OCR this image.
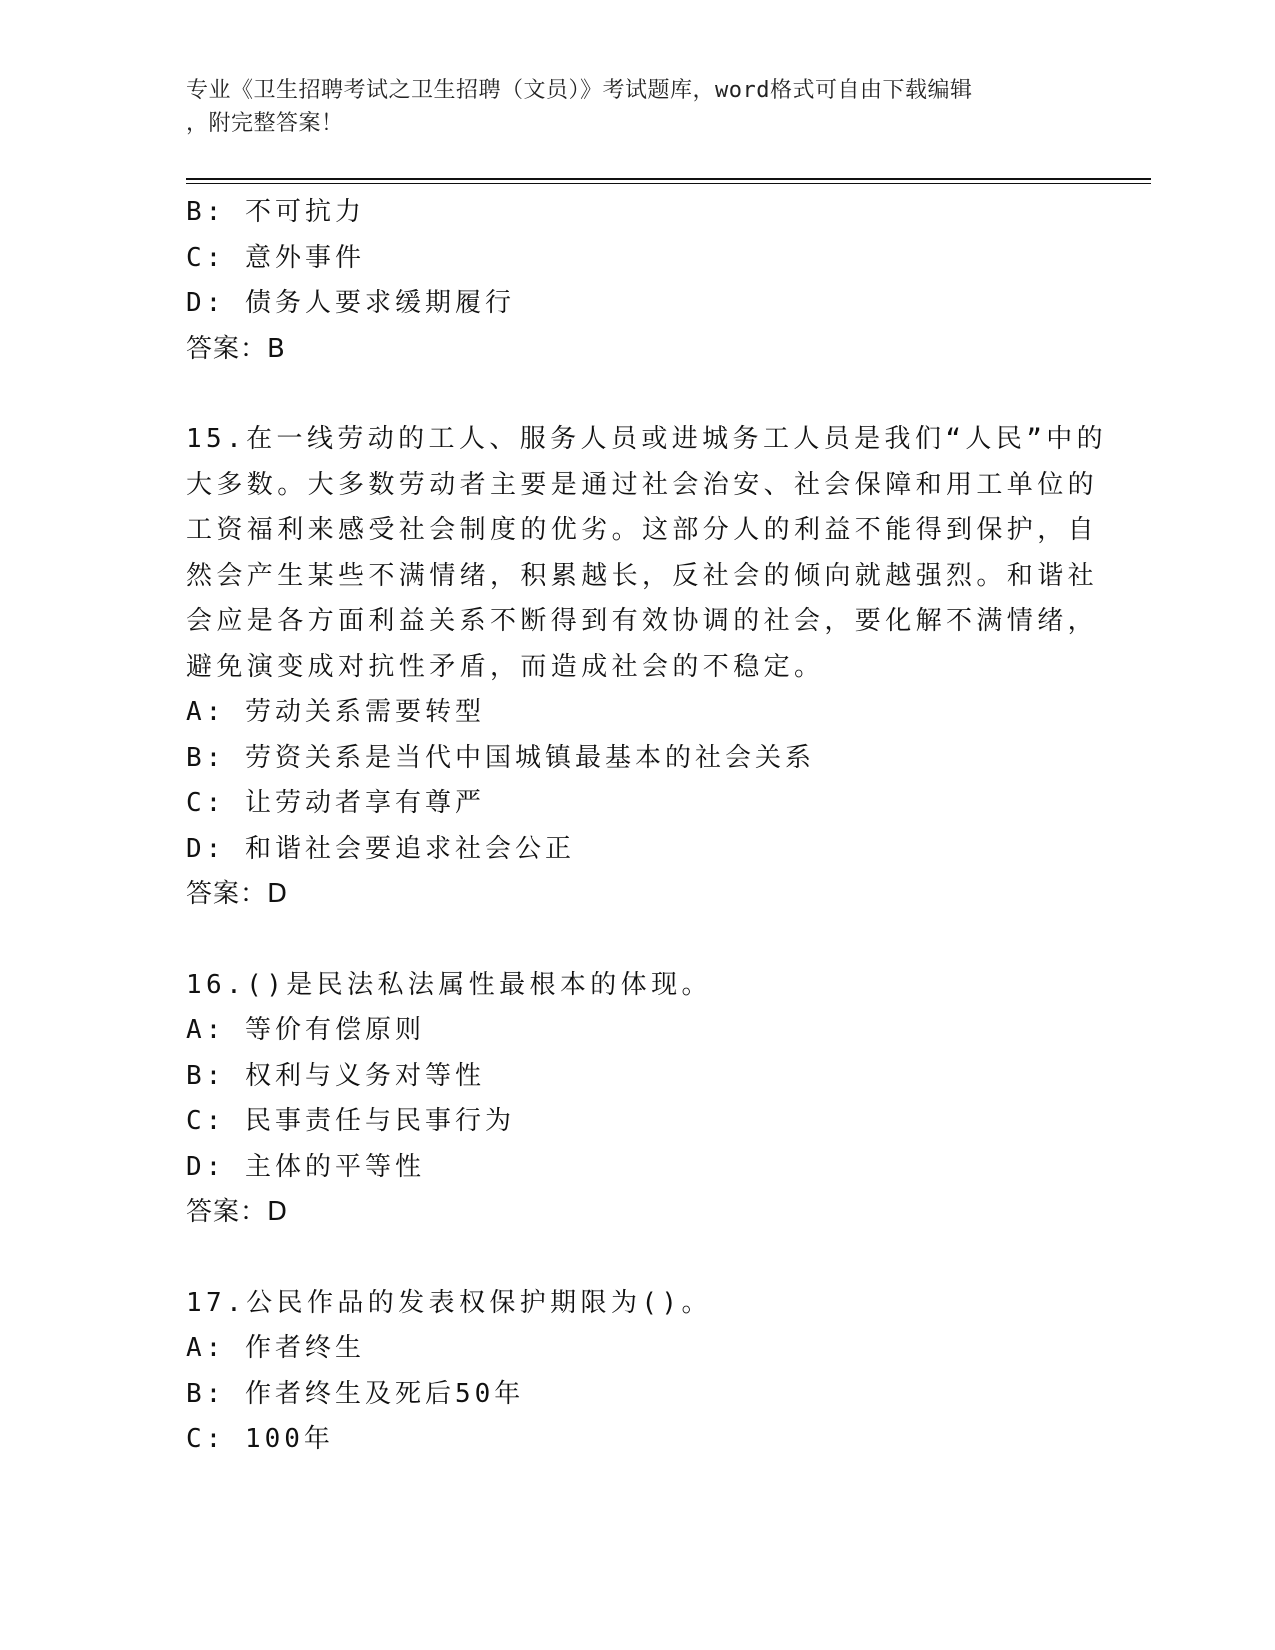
专业《卫生招聘考试之卫生招聘（文员）》考试题库，word格式可自由下载编辑
，附完整答案！
B: 不可抗力
C: 意外事件
D: 债务人要求缓期履行
答案：B
15.在一线劳动的工人、服务人员或进城务工人员是我们“人民”中的
大多数。大多数劳动者主要是通过社会治安、社会保障和用工单位的
工资福利来感受社会制度的优劣。这部分人的利益不能得到保护，自
然会产生某些不满情绪，积累越长，反社会的倾向就越强烈。和谐社
会应是各方面利益关系不断得到有效协调的社会，要化解不满情绪，
避免演变成对抗性矛盾，而造成社会的不稳定。
A: 劳动关系需要转型
B: 劳资关系是当代中国城镇最基本的社会关系
C: 让劳动者享有尊严
D: 和谐社会要追求社会公正
答案：D
16.()是民法私法属性最根本的体现。
A: 等价有偿原则
B: 权利与义务对等性
C: 民事责任与民事行为
D: 主体的平等性
答案：D
17.公民作品的发表权保护期限为()。
A: 作者终生
B: 作者终生及死后50年
C: 100年
